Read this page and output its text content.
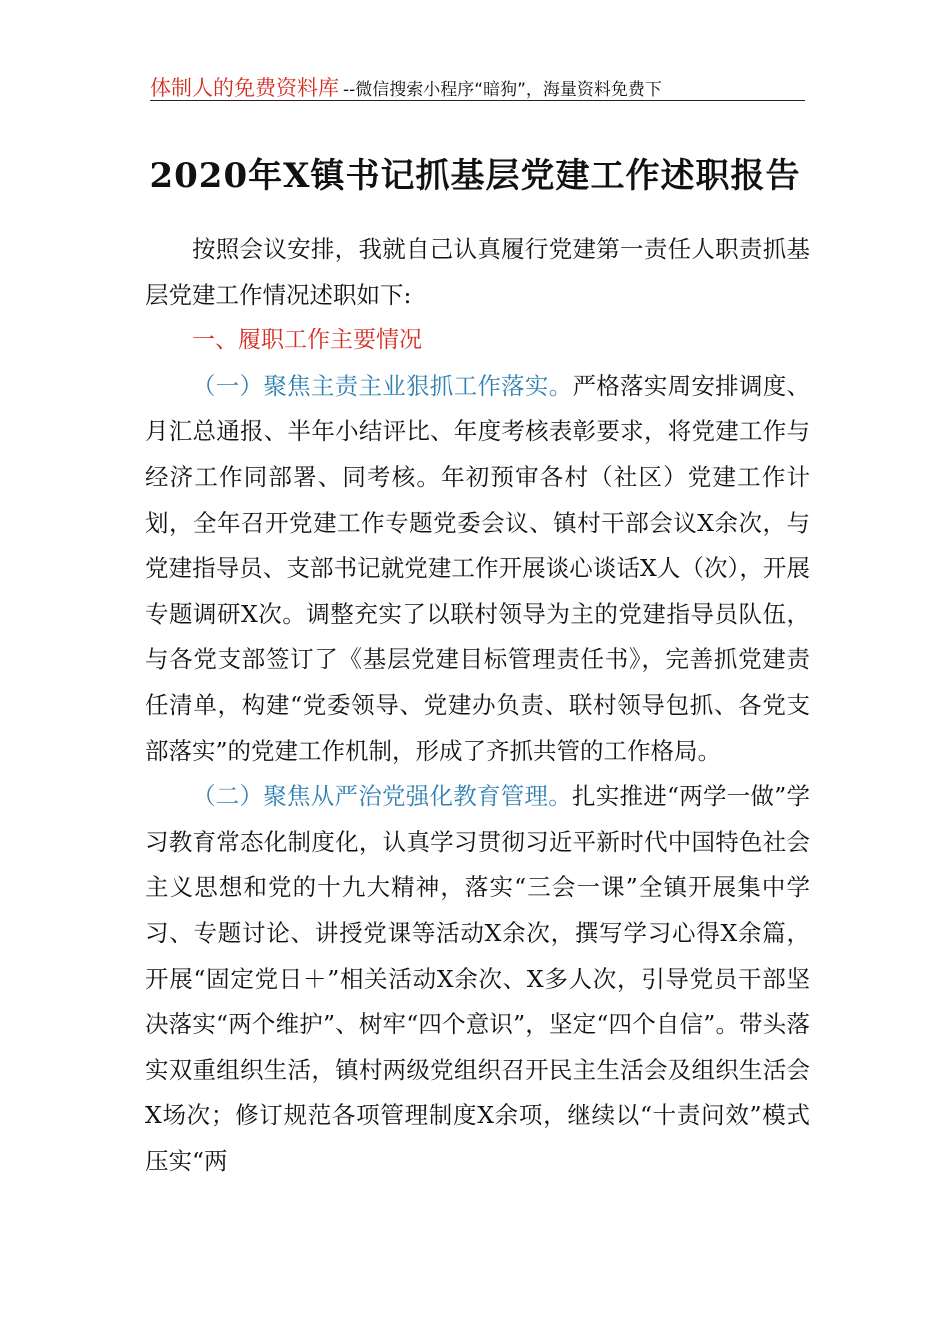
体制人的免费资料库 --微信搜索小程序“暗狗”，海量资料免费下
2020年X镇书记抓基层党建工作述职报告

按照会议安排，我就自己认真履行党建第一责任人职责抓基层党建工作情况述职如下:

一、履职工作主要情况

（一）聚焦主责主业狠抓工作落实。严格落实周安排调度、月汇总通报、半年小结评比、年度考核表彰要求，将党建工作与经济工作同部署、同考核。年初预审各村（社区）党建工作计划，全年召开党建工作专题党委会议、镇村干部会议X余次，与党建指导员、支部书记就党建工作开展谈心谈话X人（次），开展专题调研X次。调整充实了以联村领导为主的党建指导员队伍，与各党支部签订了《基层党建目标管理责任书》，完善抓党建责任清单，构建“党委领导、党建办负责、联村领导包抓、各党支部落实”的党建工作机制，形成了齐抓共管的工作格局。

（二）聚焦从严治党强化教育管理。扎实推进“两学一做”学习教育常态化制度化，认真学习贯彻习近平新时代中国特色社会主义思想和党的十九大精神，落实“三会一课”全镇开展集中学习、专题讨论、讲授党课等活动X余次，撰写学习心得X余篇，开展“固定党日＋”相关活动X余次、X多人次，引导党员干部坚决落实“两个维护”、树牢“四个意识”，坚定“四个自信”。带头落实双重组织生活，镇村两级党组织召开民主生活会及组织生活会X场次；修订规范各项管理制度X余项，继续以“十责问效”模式压实“两
